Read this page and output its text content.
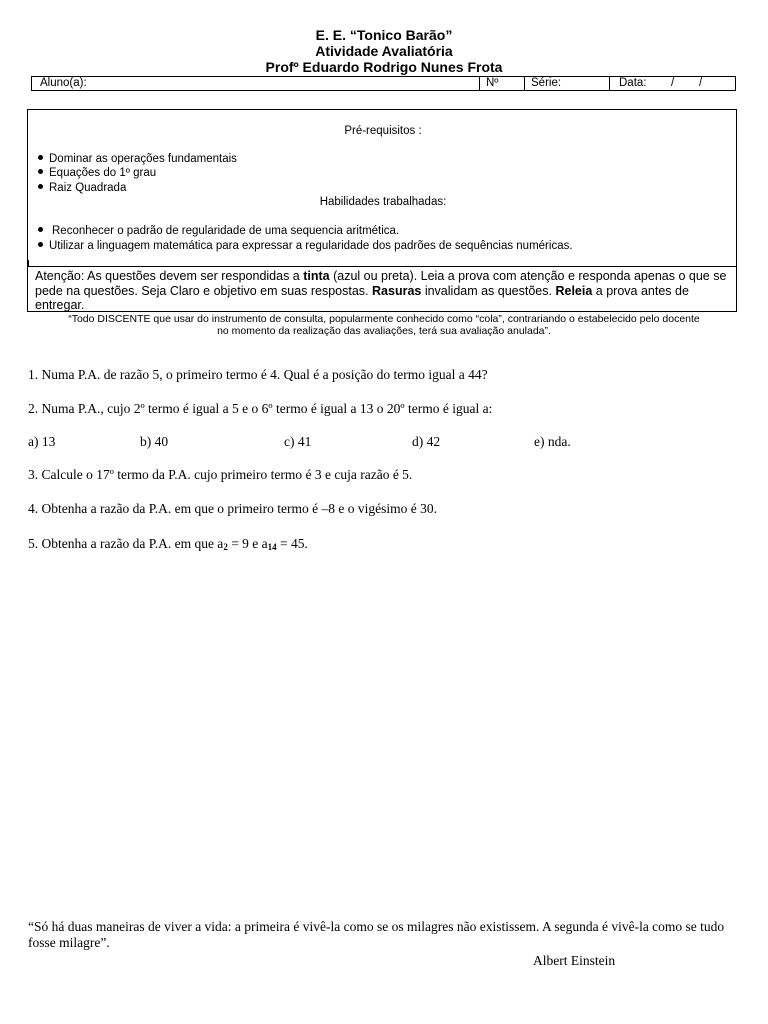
E. E. “Tonico Barão”
Atividade Avaliatória
Profº Eduardo Rodrigo Nunes Frota
Aluno(a):	Nº	Série:	Data: / /
Pré-requisitos :
Dominar as operações fundamentais
Equações do 1º grau
Raiz Quadrada
Habilidades trabalhadas:
Reconhecer o padrão de regularidade de uma sequencia aritmética.
Utilizar a linguagem matemática para expressar a regularidade dos padrões de sequências numéricas.
Atenção: As questões devem ser respondidas a tinta (azul ou preta). Leia a prova com atenção e responda apenas o que se pede na questões. Seja Claro e objetivo em suas respostas. Rasuras invalidam as questões. Releia a prova antes de entregar.
“Todo DISCENTE que usar do instrumento de consulta, popularmente conhecido como “cola”, contrariando o estabelecido pelo docente
no momento da realização das avaliações, terá sua avaliação anulada”.
1. Numa P.A. de razão 5, o primeiro termo é 4. Qual é a posição do termo igual a 44?
2. Numa P.A., cujo 2º termo é igual a 5 e o 6º termo é igual a 13 o 20º termo é igual a:
a) 13	b) 40	c) 41	d) 42	e) nda.
3. Calcule o 17º termo da P.A. cujo primeiro termo é 3 e cuja razão é 5.
4. Obtenha a razão da P.A. em que o primeiro termo é –8 e o vigésimo é 30.
5. Obtenha a razão da P.A. em que $a_2 = 9$ e $a_{14} = 45$.
“Só há duas maneiras de viver a vida: a primeira é vivê-la como se os milagres não existissem. A segunda é vivê-la como se tudo fosse milagre”.
Albert Einstein
